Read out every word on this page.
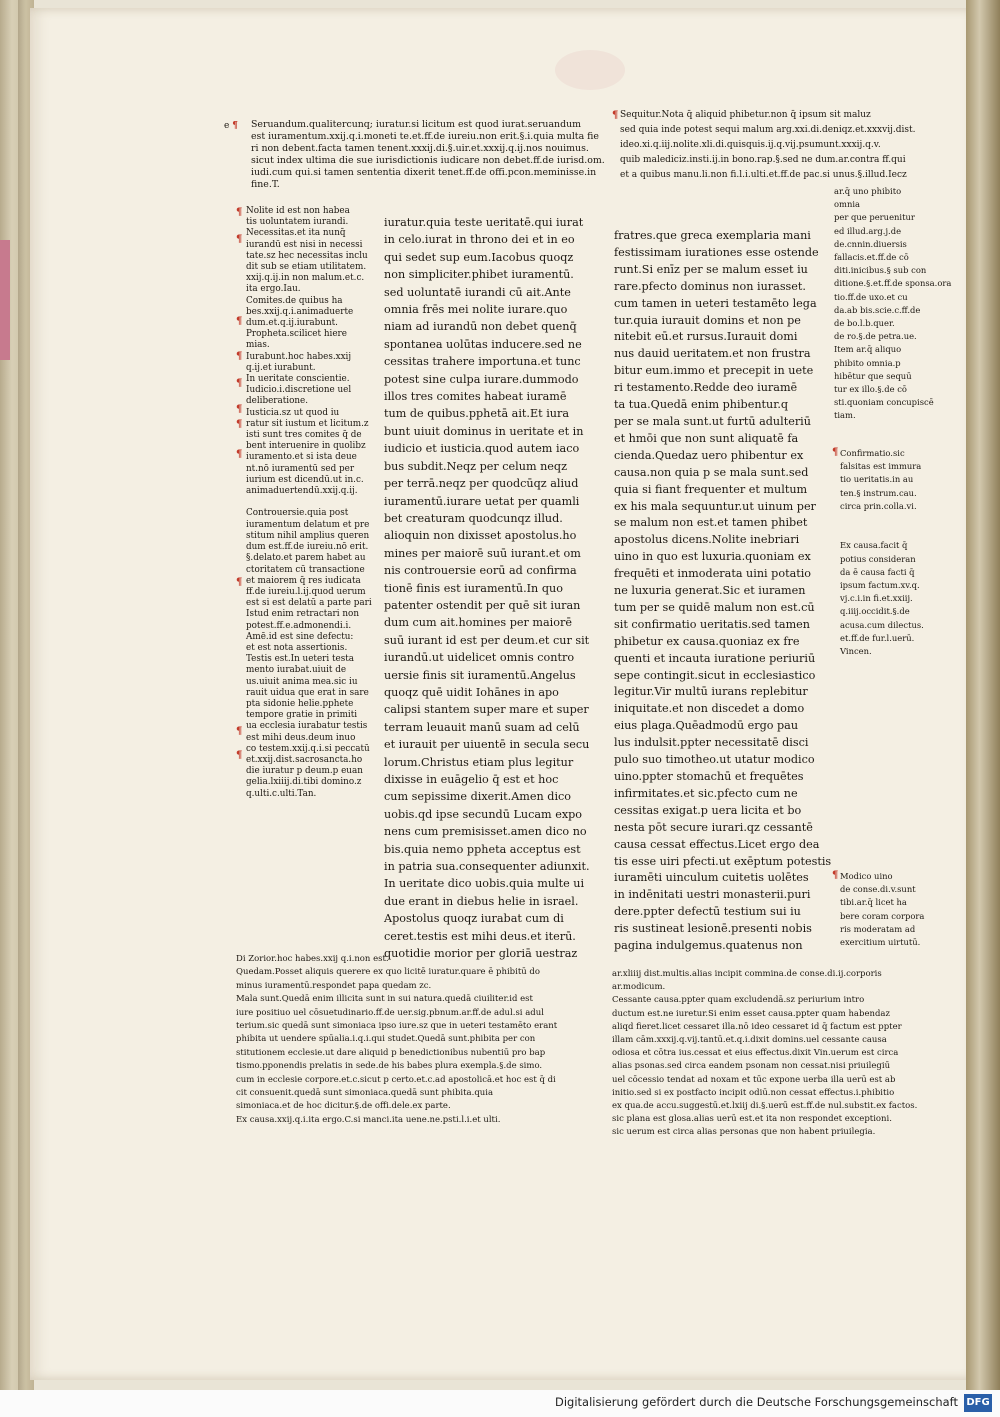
e ¶ Seruandum.qualitercunq; iuratur.si licitum est quod iurat.seruandum
est iuramentum.xxij.q.i.moneti te.et.ff.de iureiu.non erit.§.i.quia multa
ri non debent.facta tamen tenent.xxxij.di.§.uir.et.xxxij.q.ij.nos nouimus.
sicut index ultima die sue iurisdictionis iudicare non debet.ff.de iurisd.om.
iudi.cum qui.si tamen sententia dixerit tenet.ff.de offi.pcon.meminisse.in
fine.T.
¶
¶
¶
¶
¶
¶
¶
¶
¶
¶
¶
Nolite id est non habea
tis uoluntatem iurandi.
Necessitas.et ita nunq̄
iurandū est nisi in necessi
tate.sz hec necessitas inclu
dit sub se etiam utilitatem.
xxij.q.ij.in non malum.et.c.
ita ergo.Iau.
Comites.de quibus ha
bes.xxij.q.i.animaduerte
dum.et.q.ij.iurabunt.
Propheta.scilicet hiere
mias.
Iurabunt.hoc habes.xxij
q.ij.et iurabunt.
In ueritate conscientie.
Iudicio.i.discretione uel
deliberatione.
Iusticia.sz ut quod iu
ratur sit iustum et licitum.z
isti sunt tres comites q̄ de
bent interuenire in quolibz
iuramento.et si ista deue
nt.nō iuramentū sed per
iurium est dicendū.ut in.c.
animaduertendū.xxij.q.ij.

Controuersie.quia post
iuramentum delatum et pre
stitum nihil amplius queren
dum est.ff.de iureiu.nō erit.
§.delato.et parem habet au
ctoritatem cū transactione
et maiorem q̄ res iudicata
ff.de iureiu.l.ij.quod uerum
est si est delatū a parte pari
Istud enim retractari non
potest.ff.e.admonendi.i.
Amē.id est sine defectu:
et est nota assertionis.
Testis est.In ueteri testa
mento iurabat.uiuit de
us.uiuit anima mea.sic iu
rauit uidua que erat in sare
pta sidonie helie.pphete
tempore gratie in primiti
ua ecclesia iurabatur testis
est mihi deus.deum inuo
co testem.xxij.q.i.si peccatū
et.xxij.dist.sacrosancta.ho
die iuratur p deum.p euan
gelia.lxiiij.di.tibi domino.z
q.ulti.c.ulti.Tan.
iuratur.quia teste ueritatē.qui iurat
in celo.iurat in throno dei et in eo
qui sedet sup eum.Iacobus quoqz
non simpliciter.phibet iuramentū.
sed uoluntatē iurandi cū ait.Ante
omnia frēs mei nolite iurare.quo
niam ad iurandū non debet quenq̄
spontanea uolūtas inducere.sed ne
cessitas trahere importuna.et tunc
potest sine culpa iurare.dummodo
illos tres comites habeat iuramē
tum de quibus.pphetā ait.Et iura
bunt uiuit dominus in ueritate et in
iudicio et iusticia.quod autem iaco
bus subdit.Neqz per celum neqz
per terrā.neqz per quodcūqz aliud
iuramentū.iurare uetat per quamli
bet creaturam quodcunqz illud.
alioquin non dixisset apostolus.ho
mines per maiorē suū iurant.et om
nis controuersie eorū ad confirma
tionē finis est iuramentū.In quo
patenter ostendit per quē sit iuran
dum cum ait.homines per maiorē
suū iurant id est per deum.et cur sit
iurandū.ut uidelicet omnis contro
uersie finis sit iuramentū.Angelus
quoqz quē uidit Iohānes in apo
calipsi stantem super mare et super
terram leuauit manū suam ad celū
et iurauit per uiuentē in secula secu
lorum.Christus etiam plus legitur
dixisse in euāgelio q̄ est et hoc
cum sepissime dixerit.Amen dico
uobis.qd ipse secundū Lucam expo
nens cum premisisset.amen dico no
bis.quia nemo ppheta acceptus est
in patria sua.consequenter adiunxit.
In ueritate dico uobis.quia multe ui
due erant in diebus helie in israel.
Apostolus quoqz iurabat cum di
ceret.testis est mihi deus.et iterū.
quotidie morior per gloriā uestraz
fratres.que greca exemplaria mani
festissimam iurationes esse ostende
runt.Si enīz per se malum esset iu
rare.pfecto dominus non iurasset.
cum tamen in ueteri testamēto lega
tur.quia iurauit domins et non pe
nitebit eū.et rursus.Iurauit domi
nus dauid ueritatem.et non frustra
bitur eum.immo et precepit in uete
ri testamento.Redde deo iuramē
ta tua.Quedā enim phibentur.q
per se mala sunt.ut furtū adulteriū
et hmōi que non sunt aliquatē fa
cienda.Quedaz uero phibentur ex
causa.non quia p se mala sunt.sed
quia si fiant frequenter et multum
ex his mala sequuntur.ut uinum per
se malum non est.et tamen phibet
apostolus dicens.Nolite inebriari
uino in quo est luxuria.quoniam ex
frequēti et inmoderata uini potatio
ne luxuria generat.Sic et iuramen
tum per se quidē malum non est.cū
sit confirmatio ueritatis.sed tamen
phibetur ex causa.quoniaz ex fre
quenti et incauta iuratione periuriū
sepe contingit.sicut in ecclesiastico
legitur.Vir multū iurans replebitur
iniquitate.et non discedet a domo
eius plaga.Quēadmodū ergo pau
lus indulsit.ppter necessitatē disci
pulo suo timotheo.ut utatur modico
uino.ppter stomachū et frequētes
infirmitates.et sic.pfecto cum ne
cessitas exigat.p uera licita et bo
nesta pōt secure iurari.qz cessantē
causa cessat effectus.Licet ergo dea
tis esse uiri pfecti.ut exēptum potestis
iuramēti uinculum cuitetis uolētes
in indēnitati uestri monasterii.puri
dere.ppter defectū testium sui iu
ris sustineat lesionē.presenti nobis
pagina indulgemus.quatenus non
¶ Sequitur.Nota q̄ aliquid phibetur.non q̄ ipsum sit maluz
sed quia inde potest sequi malum arg.xxi.di.deniqz.et.xxxvij.dist.
ideo.xi.q.iij.nolite.xli.di.quisquis.ij.q.vij.psumunt.xxxij.q.v.
quib malediciz.insti.ij.in bono.rap.§.sed ne dum.ar.contra ff.qui
et a quibus manu.li.non fi.l.i.ulti.et.ff.de pac.si unus.§.illud.Iecz
ar.q̄ uno phibito
omnia
per que peruenitur
ed illud.arg.j.de
de.cnnin.diuersis
fallacis.et.ff.de cō
diti.inicibus.§ sub con
ditione.§.et.ff.de sponsa.ora
tio.ff.de uxo.et cu
da.ab bis.scie.c.ff.de
de bo.l.b.quer.
de ro.§.de petra.ue.
Item ar.q̄ aliquo
phibito omnia.p
hibētur que sequū
tur ex illo.§.de cō
sti.quoniam concupiscē
tiam.
¶ Confirmatio.sic
falsitas est immura
tio ueritatis.in au
ten.§ instrum.cau.
circa prin.colla.vi.

Ex causa.facit q̄
potius consideran
da ē causa facti q̄
ipsum factum.xv.q.
vj.c.i.in fi.et.xxiij.
q.iiij.occidit.§.de
acusa.cum dilectus.
et.ff.de fur.l.uerū.
Vincen.
¶ Modico uino
de conse.di.v.sunt
tibi.ar.q̄ licet ha
bere coram corpora
ris moderatam ad
exercitium uirtutū.
Di Zorior.hoc habes.xxij q.i.non est.
Quedam.Posset aliquis querere ex quo licitē iuratur.quare ē phibitū do
minus iuramentū.respondet papa quedam zc.
Mala sunt.Quedā enim illicita sunt in sui natura.quedā ciuiliter.id est
iure positiuo uel cōsuetudinario.ff.de uer.sig.pbnum.ar.ff.de adul.si adul
terium.sic quedā sunt simoniaca ipso iure.sz que in ueteri testamēto erant
phibita ut uendere spūalia.i.q.i.qui studet.Quedā sunt.phibita per con
stitutionem ecclesie.ut dare aliquid p benedictionibus nubentiū pro bap
tismo.pponendis prelatis in sede.de his babes plura exempla.§.de simo.
cum in ecclesie corpore.et.c.sicut p certo.et.c.ad apostolicā.et hoc est q̄ di
cit consuenit.quedā sunt simoniaca.quedā sunt phibita.quia
simoniaca.et de hoc dicitur.§.de offi.dele.ex parte.
Ex causa.xxij.q.i.ita ergo.C.si manci.ita uene.ne.psti.l.i.et ulti.
ar.xliiij dist.multis.alias incipit commina.de conse.di.ij.corporis
ar.modicum.
Cessante causa.ppter quam excludendā.sz periurium intro
ductum est.ne iuretur.Si enim esset causa.ppter quam habendaz
aliqd fieret.licet cessaret illa.nō ideo cessaret id q̄ factum est ppter
illam cām.xxxij.q.vij.tantū.et.q.i.dixit domins.uel cessante causa
odiosa et cōtra ius.cessat et eius effectus.dixit Vin.uerum est circa
alias psonas.sed circa eandem psonam non cessat.nisi priuilegiū
uel cōcessio tendat ad noxam et tūc expone uerba illa uerū est ab
initio.sed si ex postfacto incipit odiū.non cessat effectus.i.phibitio
ex qua.de accu.suggestū.et.lxiij di.§.uerū est.ff.de nul.substit.ex factos.
sic plana est glosa.alias uerū est.et ita non respondet exceptioni.
sic uerum est circa alias personas que non habent priuilegia.
Digitalisierung gefördert durch die Deutsche Forschungsgemeinschaft DFG
